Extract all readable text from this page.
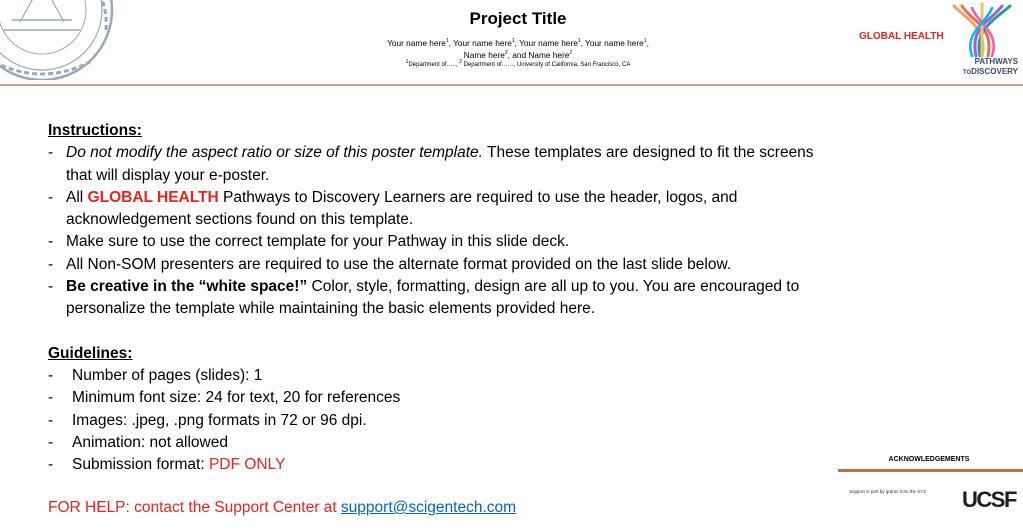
Project Title
Your name here$^1$, Your name here$^1$, Your name here$^1$, Your name here$^1$,
Name here$^2$, and Name here$^2$
$^1$Department of….., $^2$ Department of……, University of California, San Francisco, CA
GLOBAL HEALTH
PATHWAYS
TODISCOVERY

Instructions:

- Do not modify the aspect ratio or size of this poster template. These templates are designed to fit the screens that will display your e-poster.
- All GLOBAL HEALTH Pathways to Discovery Learners are required to use the header, logos, and acknowledgement sections found on this template.
- Make sure to use the correct template for your Pathway in this slide deck.
- All Non-SOM presenters are required to use the alternate format provided on the last slide below.
- Be creative in the “white space!” Color, style, formatting, design are all up to you. You are encouraged to personalize the template while maintaining the basic elements provided here.

Guidelines:

- Number of pages (slides): 1
- Minimum font size: 24 for text, 20 for references
- Images: .jpeg, .png formats in 72 or 96 dpi.
- Animation: not allowed
- Submission format: PDF ONLY
FOR HELP: contact the Support Center at support@scigentech.com
ACKNOWLEDGEMENTS
Support in part by grants from the XYZ UCSF
